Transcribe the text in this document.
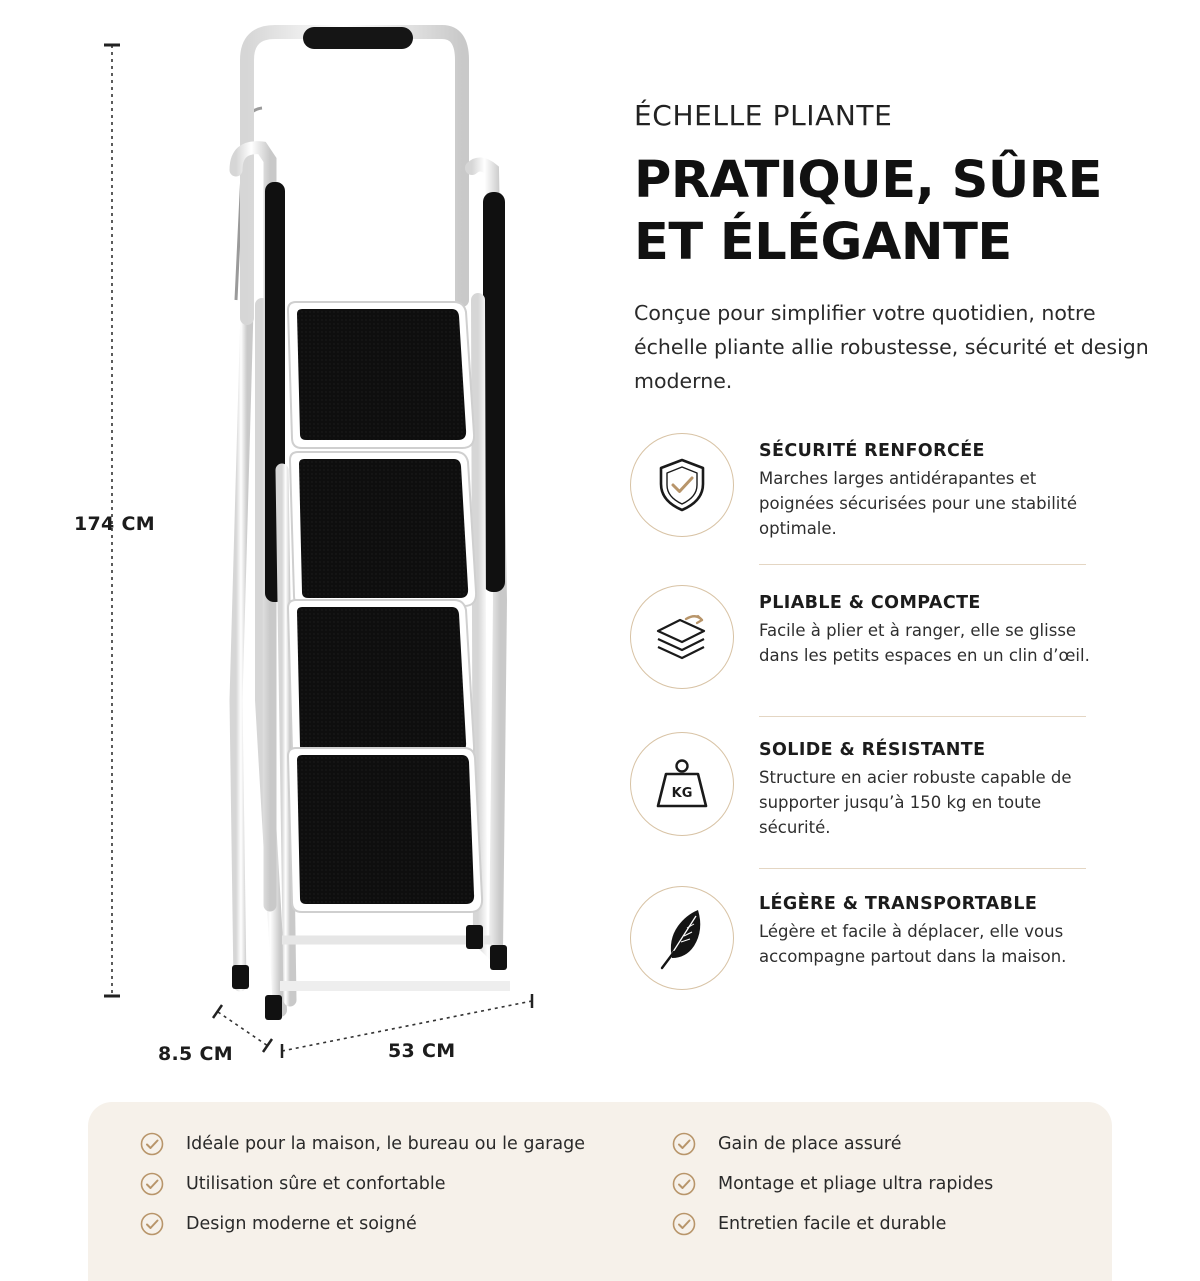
174 CM
8.5 CM	53 CM
ÉCHELLE PLIANTE
PRATIQUE, SÛRE
ET ÉLÉGANTE

Conçue pour simplifier votre quotidien, notre échelle pliante allie robustesse, sécurité et design moderne.

SÉCURITÉ RENFORCÉE
Marches larges antidérapantes et poignées sécurisées pour une stabilité optimale.
PLIABLE & COMPACTE
Facile à plier et à ranger, elle se glisse dans les petits espaces en un clin d’œil.
KG
SOLIDE & RÉSISTANTE
Structure en acier robuste capable de supporter jusqu’à 150 kg en toute sécurité.
LÉGÈRE & TRANSPORTABLE
Légère et facile à déplacer, elle vous accompagne partout dans la maison.
Idéale pour la maison, le bureau ou le garage
Utilisation sûre et confortable
Design moderne et soigné
Gain de place assuré
Montage et pliage ultra rapides
Entretien facile et durable
